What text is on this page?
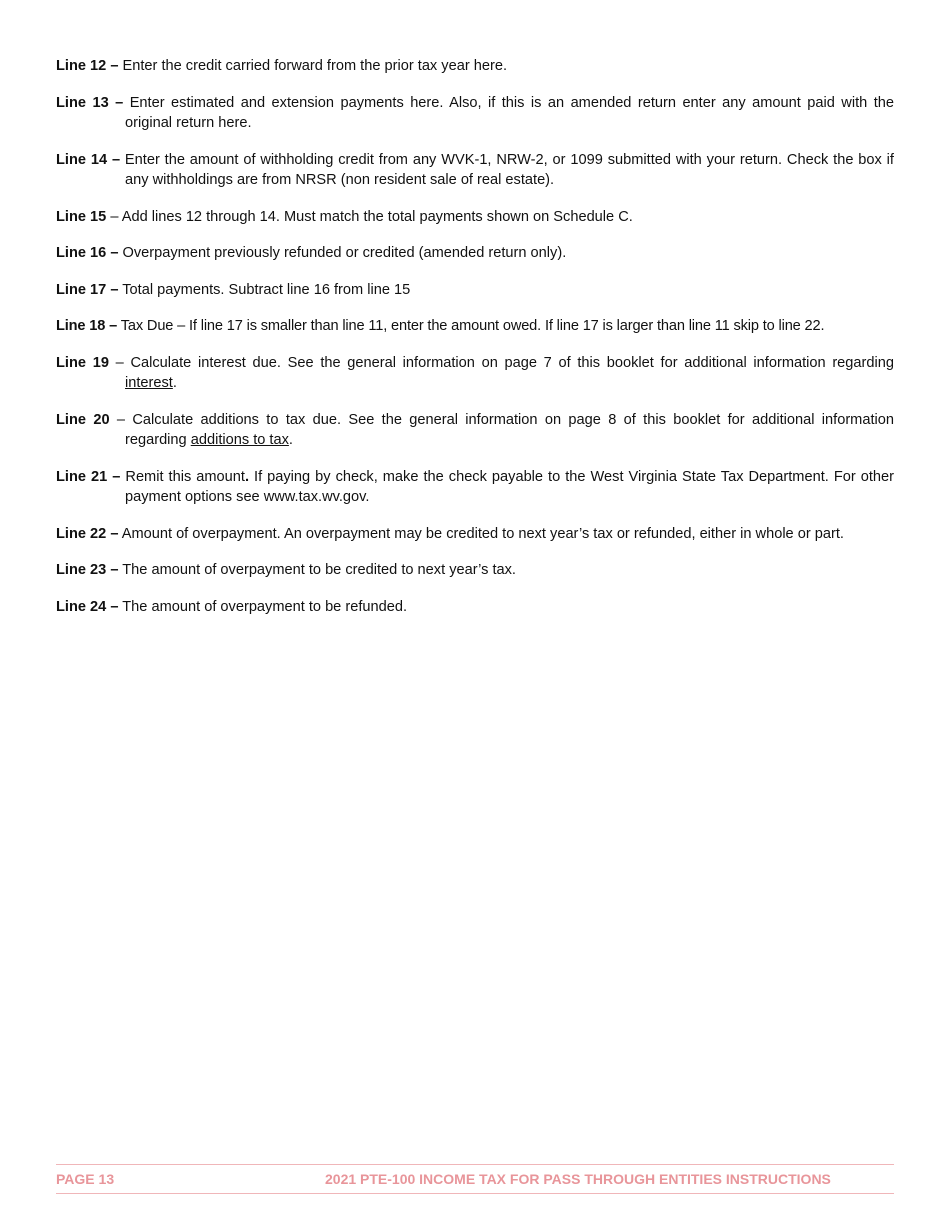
Line 12 – Enter the credit carried forward from the prior tax year here.

Line 13 – Enter estimated and extension payments here. Also, if this is an amended return enter any amount paid with the original return here.

Line 14 – Enter the amount of withholding credit from any WVK-1, NRW-2, or 1099 submitted with your return. Check the box if any withholdings are from NRSR (non resident sale of real estate).

Line 15 – Add lines 12 through 14. Must match the total payments shown on Schedule C.

Line 16 – Overpayment previously refunded or credited (amended return only).

Line 17 – Total payments. Subtract line 16 from line 15

Line 18 – Tax Due – If line 17 is smaller than line 11, enter the amount owed. If line 17 is larger than line 11 skip to line 22.

Line 19 – Calculate interest due. See the general information on page 7 of this booklet for additional information regarding interest.

Line 20 – Calculate additions to tax due. See the general information on page 8 of this booklet for additional information regarding additions to tax.

Line 21 – Remit this amount. If paying by check, make the check payable to the West Virginia State Tax Department. For other payment options see www.tax.wv.gov.

Line 22 – Amount of overpayment. An overpayment may be credited to next year’s tax or refunded, either in whole or part.

Line 23 – The amount of overpayment to be credited to next year’s tax.

Line 24 – The amount of overpayment to be refunded.

PAGE 13	2021 PTE-100 INCOME TAX FOR PASS THROUGH ENTITIES INSTRUCTIONS
